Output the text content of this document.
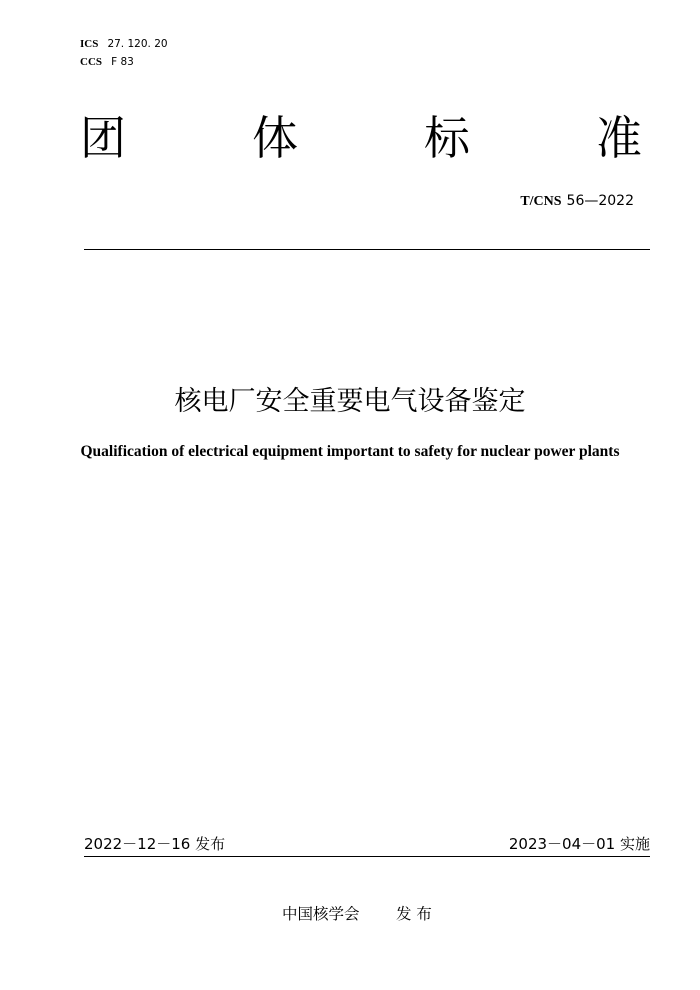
ICS 27. 120. 20
CCS F 83
团	体	标	准
T/CNS 56—2022
核电厂安全重要电气设备鉴定
Qualification of electrical equipment important to safety for nuclear power plants
2022－12－16 发布	2023－04－01 实施
中国核学会 发 布
